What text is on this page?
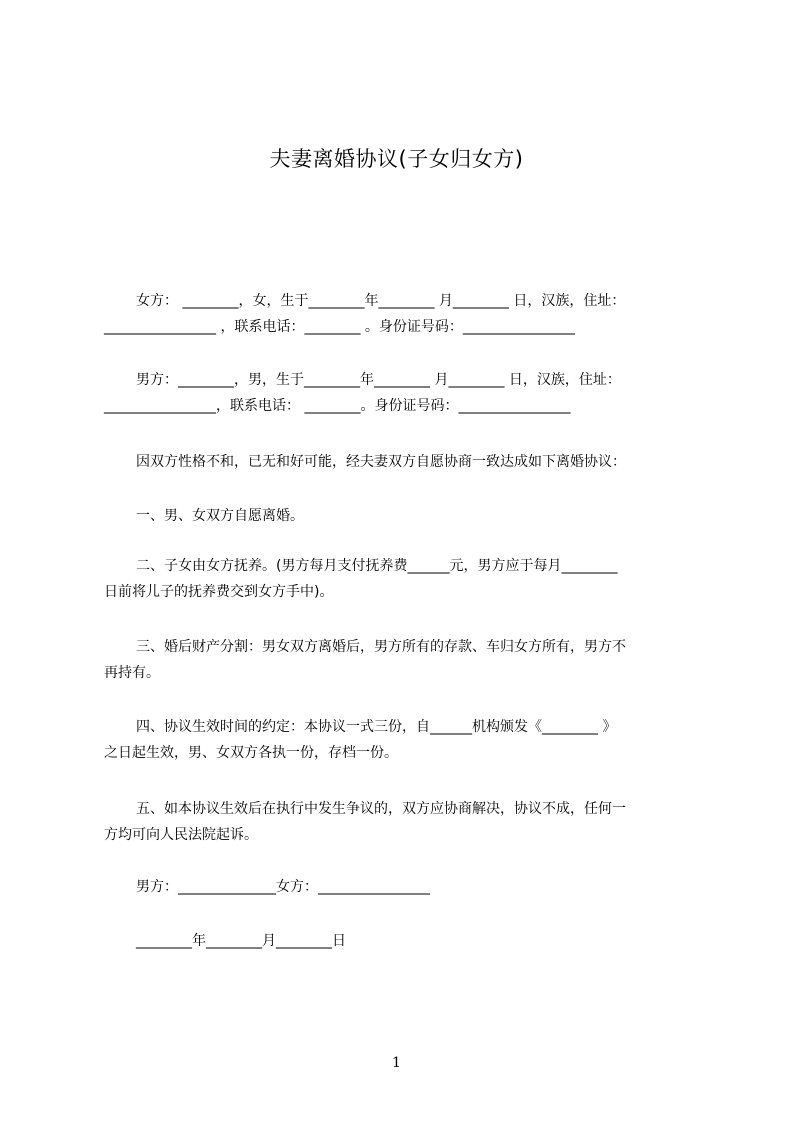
夫妻离婚协议(子女归女方)
女方： ________，女，生于________年________ 月________ 日，汉族，住址：
________________ ，联系电话：________ 。身份证号码：________________
男方：________，男，生于________年________ 月________ 日，汉族，住址：
________________，联系电话： ________。身份证号码：________________
因双方性格不和，已无和好可能，经夫妻双方自愿协商一致达成如下离婚协议：
一、男、女双方自愿离婚。
二、子女由女方抚养。(男方每月支付抚养费______元，男方应于每月________
日前将儿子的抚养费交到女方手中)。
三、婚后财产分割：男女双方离婚后，男方所有的存款、车归女方所有，男方不
再持有。
四、协议生效时间的约定：本协议一式三份，自______机构颁发《________ 》
之日起生效，男、女双方各执一份，存档一份。
五、如本协议生效后在执行中发生争议的，双方应协商解决，协议不成，任何一
方均可向人民法院起诉。
男方：______________女方：________________
________年________月________日
1
